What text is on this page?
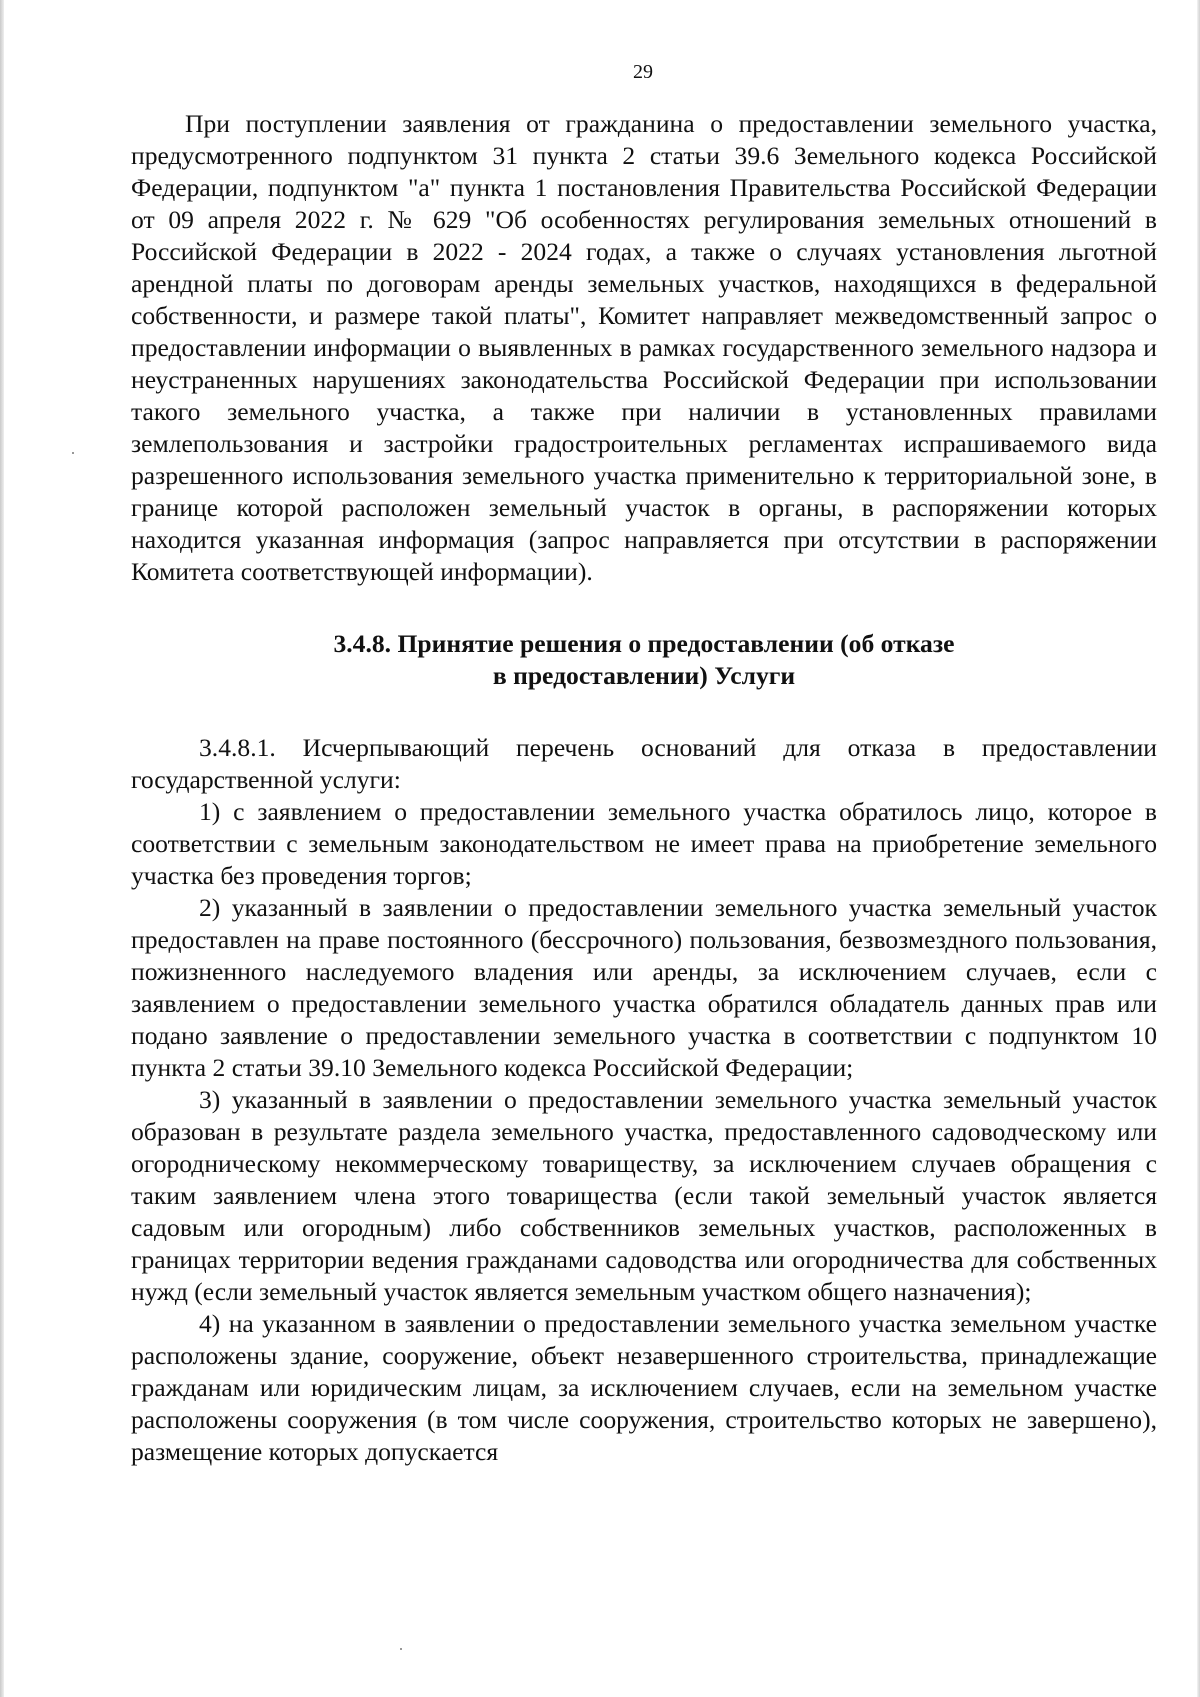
29

При поступлении заявления от гражданина о предоставлении земельного участка, предусмотренного подпунктом 31 пункта 2 статьи 39.6 Земельного кодекса Российской Федерации, подпунктом "а" пункта 1 постановления Правительства Российской Федерации от 09 апреля 2022 г. № 629 "Об особенностях регулирования земельных отношений в Российской Федерации в 2022 - 2024 годах, а также о случаях установления льготной арендной платы по договорам аренды земельных участков, находящихся в федеральной собственности, и размере такой платы", Комитет направляет межведомственный запрос о предоставлении информации о выявленных в рамках государственного земельного надзора и неустраненных нарушениях законодательства Российской Федерации при использовании такого земельного участка, а также при наличии в установленных правилами землепользования и застройки градостроительных регламентах испрашиваемого вида разрешенного использования земельного участка применительно к территориальной зоне, в границе которой расположен земельный участок в органы, в распоряжении которых находится указанная информация (запрос направляется при отсутствии в распоряжении Комитета соответствующей информации).

3.4.8. Принятие решения о предоставлении (об отказе
в предоставлении) Услуги

3.4.8.1. Исчерпывающий перечень оснований для отказа в предоставлении государственной услуги:

1) с заявлением о предоставлении земельного участка обратилось лицо, которое в соответствии с земельным законодательством не имеет права на приобретение земельного участка без проведения торгов;

2) указанный в заявлении о предоставлении земельного участка земельный участок предоставлен на праве постоянного (бессрочного) пользования, безвозмездного пользования, пожизненного наследуемого владения или аренды, за исключением случаев, если с заявлением о предоставлении земельного участка обратился обладатель данных прав или подано заявление о предоставлении земельного участка в соответствии с подпунктом 10 пункта 2 статьи 39.10 Земельного кодекса Российской Федерации;

3) указанный в заявлении о предоставлении земельного участка земельный участок образован в результате раздела земельного участка, предоставленного садоводческому или огородническому некоммерческому товариществу, за исключением случаев обращения с таким заявлением члена этого товарищества (если такой земельный участок является садовым или огородным) либо собственников земельных участков, расположенных в границах территории ведения гражданами садоводства или огородничества для собственных нужд (если земельный участок является земельным участком общего назначения);

4) на указанном в заявлении о предоставлении земельного участка земельном участке расположены здание, сооружение, объект незавершенного строительства, принадлежащие гражданам или юридическим лицам, за исключением случаев, если на земельном участке расположены сооружения (в том числе сооружения, строительство которых не завершено), размещение которых допускается
